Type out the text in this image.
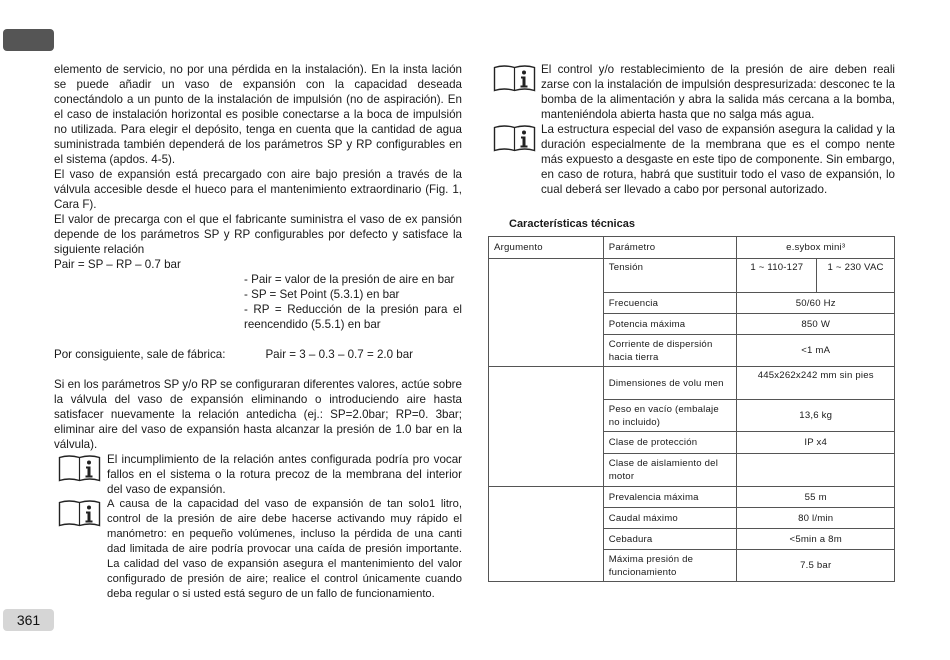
elemento de servicio, no por una pérdida en la instalación). En la insta lación se puede añadir un vaso de expansión con la capacidad deseada conectándolo a un punto de la instalación de impulsión (no de aspiración). En el caso de instalación horizontal es posible conectarse a la boca de impulsión no utilizada. Para elegir el depósito, tenga en cuenta que la cantidad de agua suministrada también dependerá de los parámetros SP y RP configurables en el sistema (apdos. 4-5).

El vaso de expansión está precargado con aire bajo presión a través de la válvula accesible desde el hueco para el mantenimiento extraordinario (Fig. 1, Cara F).

El valor de precarga con el que el fabricante suministra el vaso de ex pansión depende de los parámetros SP y RP configurables por defecto y satisface la siguiente relación

Pair = SP – RP – 0.7 bar

- Pair = valor de la presión de aire en bar

- SP = Set Point (5.3.1) en bar

- RP = Reducción de la presión para el reencendido (5.5.1) en bar

Por consiguiente, sale de fábrica:	Pair = 3 – 0.3 – 0.7 = 2.0 bar

Si en los parámetros SP y/o RP se configuraran diferentes valores, actúe sobre la válvula del vaso de expansión eliminando o introduciendo aire hasta satisfacer nuevamente la relación antedicha (ej.: SP=2.0bar; RP=0. 3bar; eliminar aire del vaso de expansión hasta alcanzar la presión de 1.0 bar en la válvula).

El incumplimiento de la relación antes configurada podría pro vocar fallos en el sistema o la rotura precoz de la membrana del interior del vaso de expansión.

A causa de la capacidad del vaso de expansión de tan solo1 litro, control de la presión de aire debe hacerse activando muy rápido el manómetro: en pequeño volúmenes, incluso la pérdida de una canti dad limitada de aire podría provocar una caída de presión importante. La calidad del vaso de expansión asegura el mantenimiento del valor configurado de presión de aire; realice el control únicamente cuando deba regular o si usted está seguro de un fallo de funcionamiento.

El control y/o restablecimiento de la presión de aire deben reali zarse con la instalación de impulsión despresurizada: desconec te la bomba de la alimentación y abra la salida más cercana a la bomba, manteniéndola abierta hasta que no salga más agua.

La estructura especial del vaso de expansión asegura la calidad y la duración especialmente de la membrana que es el compo nente más expuesto a desgaste en este tipo de componente. Sin embargo, en caso de rotura, habrá que sustituir todo el vaso de expansión, lo cual deberá ser llevado a cabo por personal autorizado.

Características técnicas
Argumento	Parámetro	e.sybox mini³	
	Tensión	1 ~ 110-127	1 ~ 230 VAC
	Frecuencia	50/60 Hz	
	Potencia máxima	850 W	
	Corriente de dispersión hacia tierra	<1 mA	
	Dimensiones de volu men	445x262x242 mm sin pies	
	Peso en vacío (embalaje no incluido)	13,6 kg	
	Clase de protección	IP x4	
	Clase de aislamiento del motor		
	Prevalencia máxima	55 m	
	Caudal máximo	80 l/min	
	Cebadura	<5min a 8m	
	Máxima presión de funcionamiento	7.5 bar	
361
